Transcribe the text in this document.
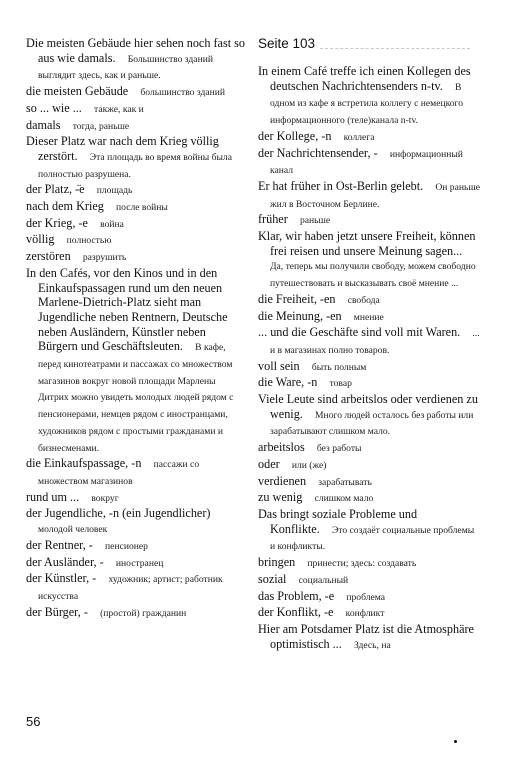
Die meisten Gebäude hier sehen noch fast so aus wie damals.  Большинство зданий выглядит здесь, как и раньше.
die meisten Gebäude  большинство зданий
so ... wie ...  также, как и
damals  тогда, раньше
Dieser Platz war nach dem Krieg völlig zerstört.  Эта площадь во время войны была полностью разрушена.
der Platz, -̈e  площадь
nach dem Krieg  после войны
der Krieg, -e  война
völlig  полностью
zerstören  разрушить
In den Cafés, vor den Kinos und in den Einkaufspassagen rund um den neuen Marlene-Dietrich-Platz sieht man Jugendliche neben Rentnern, Deutsche neben Ausländern, Künstler neben Bürgern und Geschäftsleuten.  В кафе, перед кинотеатрами и пассажах со множеством магазинов вокруг новой площади Марлены Дитрих можно увидеть молодых людей рядом с пенсионерами, немцев рядом с иностранцами, художников рядом с простыми гражданами и бизнесменами.
die Einkaufspassage, -n  пассажи со множеством магазинов
rund um ...  вокруг
der Jugendliche, -n (ein Jugendlicher) молодой человек
der Rentner, -  пенсионер
der Ausländer, -  иностранец
der Künstler, -  художник; артист; работник искусства
der Bürger, -  (простой) гражданин
Seite 103
In einem Café treffe ich einen Kollegen des deutschen Nachrichtensenders n-tv.  В одном из кафе я встретила коллегу с немецкого информационного (теле)канала n-tv.
der Kollege, -n  коллега
der Nachrichtensender, -  информационный канал
Er hat früher in Ost-Berlin gelebt.  Он раньше жил в Восточном Берлине.
früher  раньше
Klar, wir haben jetzt unsere Freiheit, können frei reisen und unsere Meinung sagen... Да, теперь мы получили свободу, можем свободно путешествовать и высказывать своё мнение ...
die Freiheit, -en  свобода
die Meinung, -en  мнение
... und die Geschäfte sind voll mit Waren.  ... и в магазинах полно товаров.
voll sein  быть полным
die Ware, -n  товар
Viele Leute sind arbeitslos oder verdienen zu wenig.  Много людей осталось без работы или зарабатывают слишком мало.
arbeitslos  без работы
oder  или (же)
verdienen  зарабатывать
zu wenig  слишком мало
Das bringt soziale Probleme und Konflikte.  Это создаёт социальные проблемы и конфликты.
bringen  принести; здесь: создавать
sozial  социальный
das Problem, -e  проблема
der Konflikt, -e  конфликт
Hier am Potsdamer Platz ist die Atmosphäre optimistisch ...  Здесь, на
56
